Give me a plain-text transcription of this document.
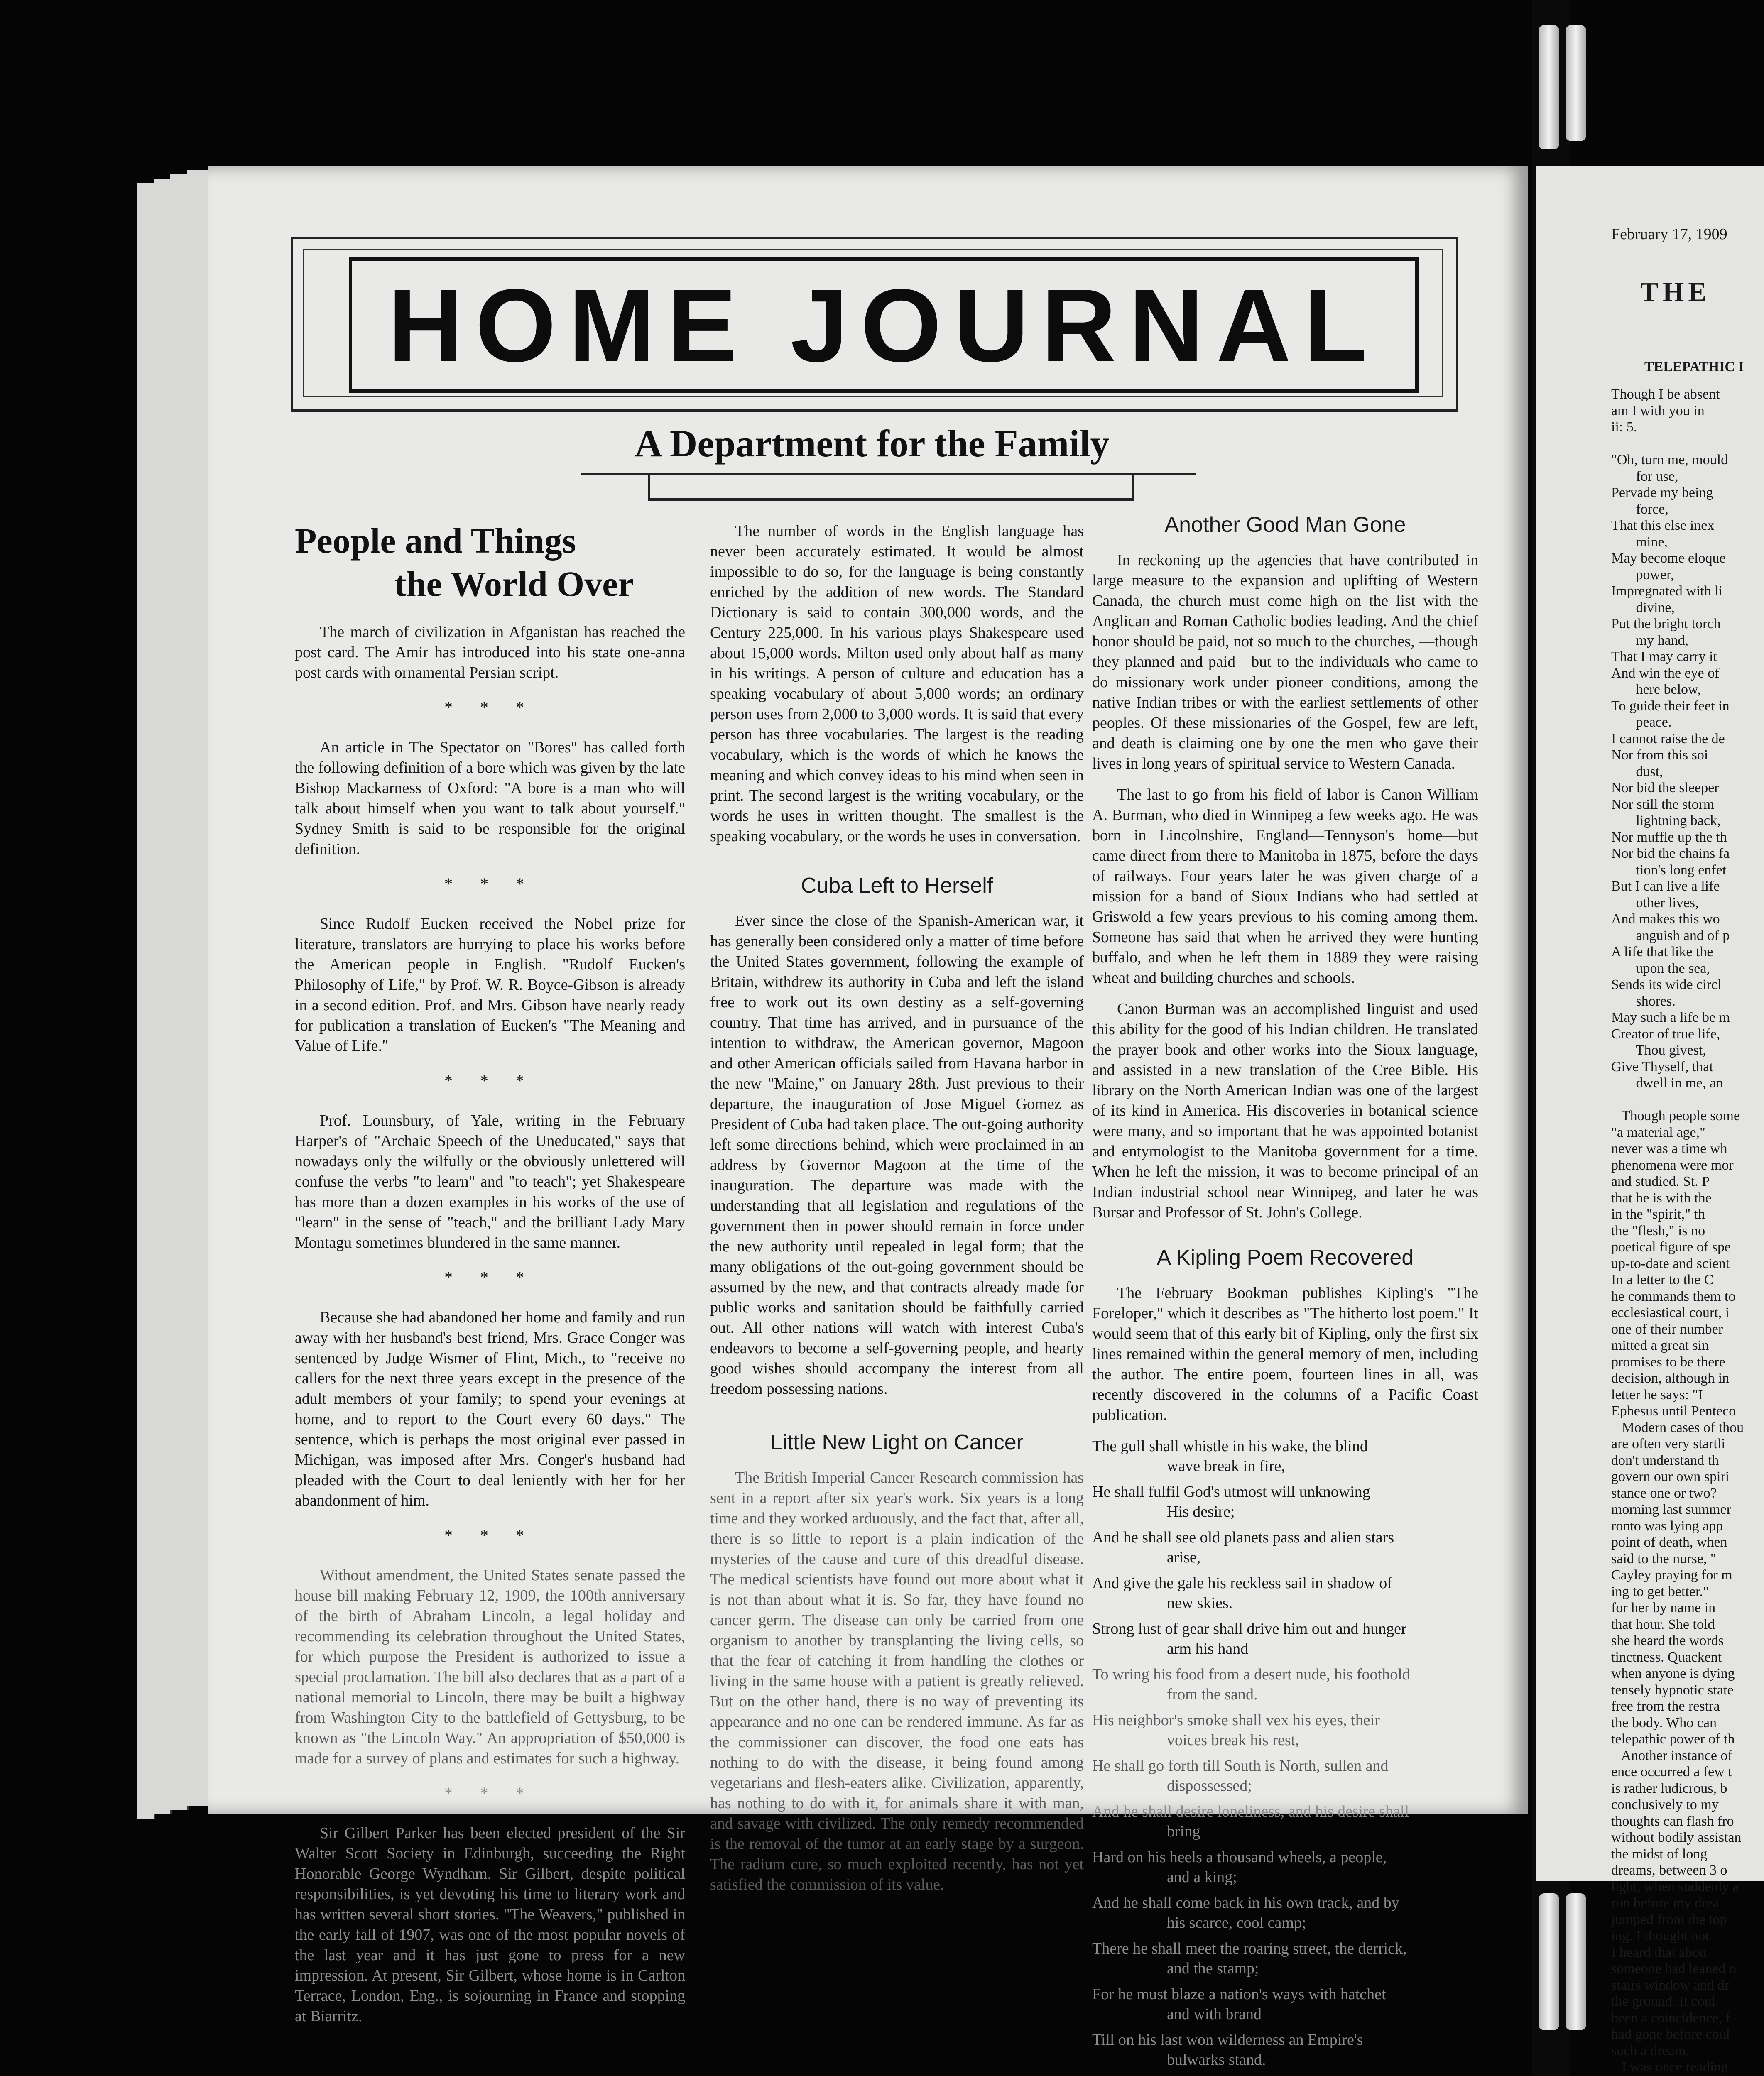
HOME JOURNAL
A Department for the Family
People and Things
the World Over

The march of civilization in Afganistan has reached the post card. The Amir has introduced into his state one-anna post cards with ornamental Persian script.

* * *

An article in The Spectator on "Bores" has called forth the following definition of a bore which was given by the late Bishop Mackarness of Oxford: "A bore is a man who will talk about himself when you want to talk about yourself." Sydney Smith is said to be responsible for the original definition.

* * *

Since Rudolf Eucken received the Nobel prize for literature, translators are hurrying to place his works before the American people in English. "Rudolf Eucken's Philosophy of Life," by Prof. W. R. Boyce-Gibson is already in a second edition. Prof. and Mrs. Gibson have nearly ready for publication a translation of Eucken's "The Meaning and Value of Life."

* * *

Prof. Lounsbury, of Yale, writing in the February Harper's of "Archaic Speech of the Uneducated," says that nowadays only the wilfully or the obviously unlettered will confuse the verbs "to learn" and "to teach"; yet Shakespeare has more than a dozen examples in his works of the use of "learn" in the sense of "teach," and the brilliant Lady Mary Montagu sometimes blundered in the same manner.

* * *

Because she had abandoned her home and family and run away with her husband's best friend, Mrs. Grace Conger was sentenced by Judge Wismer of Flint, Mich., to "receive no callers for the next three years except in the presence of the adult members of your family; to spend your evenings at home, and to report to the Court every 60 days." The sentence, which is perhaps the most original ever passed in Michigan, was imposed after Mrs. Conger's husband had pleaded with the Court to deal leniently with her for her abandonment of him.

* * *

Without amendment, the United States senate passed the house bill making February 12, 1909, the 100th anniversary of the birth of Abraham Lincoln, a legal holiday and recommending its celebration throughout the United States, for which purpose the President is authorized to issue a special proclamation. The bill also declares that as a part of a national memorial to Lincoln, there may be built a highway from Washington City to the battlefield of Gettysburg, to be known as "the Lincoln Way." An appropriation of $50,000 is made for a survey of plans and estimates for such a highway.

* * *

Sir Gilbert Parker has been elected president of the Sir Walter Scott Society in Edinburgh, succeeding the Right Honorable George Wyndham. Sir Gilbert, despite political responsibilities, is yet devoting his time to literary work and has written several short stories. "The Weavers," published in the early fall of 1907, was one of the most popular novels of the last year and it has just gone to press for a new impression. At present, Sir Gilbert, whose home is in Carlton Terrace, London, Eng., is sojourning in France and stopping at Biarritz.

The number of words in the English language has never been accurately estimated. It would be almost impossible to do so, for the language is being constantly enriched by the addition of new words. The Standard Dictionary is said to contain 300,000 words, and the Century 225,000. In his various plays Shakespeare used about 15,000 words. Milton used only about half as many in his writings. A person of culture and education has a speaking vocabulary of about 5,000 words; an ordinary person uses from 2,000 to 3,000 words. It is said that every person has three vocabularies. The largest is the reading vocabulary, which is the words of which he knows the meaning and which convey ideas to his mind when seen in print. The second largest is the writing vocabulary, or the words he uses in written thought. The smallest is the speaking vocabulary, or the words he uses in conversation.

Cuba Left to Herself

Ever since the close of the Spanish-American war, it has generally been considered only a matter of time before the United States government, following the example of Britain, withdrew its authority in Cuba and left the island free to work out its own destiny as a self-governing country. That time has arrived, and in pursuance of the intention to withdraw, the American governor, Magoon and other American officials sailed from Havana harbor in the new "Maine," on January 28th. Just previous to their departure, the inauguration of Jose Miguel Gomez as President of Cuba had taken place. The out-going authority left some directions behind, which were proclaimed in an address by Governor Magoon at the time of the inauguration. The departure was made with the understanding that all legislation and regulations of the government then in power should remain in force under the new authority until repealed in legal form; that the many obligations of the out-going government should be assumed by the new, and that contracts already made for public works and sanitation should be faithfully carried out. All other nations will watch with interest Cuba's endeavors to become a self-governing people, and hearty good wishes should accompany the interest from all freedom possessing nations.

Little New Light on Cancer

The British Imperial Cancer Research commission has sent in a report after six year's work. Six years is a long time and they worked arduously, and the fact that, after all, there is so little to report is a plain indication of the mysteries of the cause and cure of this dreadful disease. The medical scientists have found out more about what it is not than about what it is. So far, they have found no cancer germ. The disease can only be carried from one organism to another by transplanting the living cells, so that the fear of catching it from handling the clothes or living in the same house with a patient is greatly relieved. But on the other hand, there is no way of preventing its appearance and no one can be rendered immune. As far as the commissioner can discover, the food one eats has nothing to do with the disease, it being found among vegetarians and flesh-eaters alike. Civilization, apparently, has nothing to do with it, for animals share it with man, and savage with civilized. The only remedy recommended is the removal of the tumor at an early stage by a surgeon. The radium cure, so much exploited recently, has not yet satisfied the commission of its value.

Another Good Man Gone

In reckoning up the agencies that have contributed in large measure to the expansion and uplifting of Western Canada, the church must come high on the list with the Anglican and Roman Catholic bodies leading. And the chief honor should be paid, not so much to the churches, —though they planned and paid—but to the individuals who came to do missionary work under pioneer conditions, among the native Indian tribes or with the earliest settlements of other peoples. Of these missionaries of the Gospel, few are left, and death is claiming one by one the men who gave their lives in long years of spiritual service to Western Canada.

The last to go from his field of labor is Canon William A. Burman, who died in Winnipeg a few weeks ago. He was born in Lincolnshire, England—Tennyson's home—but came direct from there to Manitoba in 1875, before the days of railways. Four years later he was given charge of a mission for a band of Sioux Indians who had settled at Griswold a few years previous to his coming among them. Someone has said that when he arrived they were hunting buffalo, and when he left them in 1889 they were raising wheat and building churches and schools.

Canon Burman was an accomplished linguist and used this ability for the good of his Indian children. He translated the prayer book and other works into the Sioux language, and assisted in a new translation of the Cree Bible. His library on the North American Indian was one of the largest of its kind in America. His discoveries in botanical science were many, and so important that he was appointed botanist and entymologist to the Manitoba government for a time. When he left the mission, it was to become principal of an Indian industrial school near Winnipeg, and later he was Bursar and Professor of St. John's College.

A Kipling Poem Recovered

The February Bookman publishes Kipling's "The Foreloper," which it describes as "The hitherto lost poem." It would seem that of this early bit of Kipling, only the first six lines remained within the general memory of men, including the author. The entire poem, fourteen lines in all, was recently discovered in the columns of a Pacific Coast publication.

The gull shall whistle in his wake, the blind
wave break in fire,
He shall fulfil God's utmost will unknowing
His desire;
And he shall see old planets pass and alien stars
arise,
And give the gale his reckless sail in shadow of
new skies.
Strong lust of gear shall drive him out and hunger
arm his hand
To wring his food from a desert nude, his foothold
from the sand.
His neighbor's smoke shall vex his eyes, their
voices break his rest,
He shall go forth till South is North, sullen and
dispossessed;
And he shall desire loneliness, and his desire shall
bring
Hard on his heels a thousand wheels, a people,
and a king;
And he shall come back in his own track, and by
his scarce, cool camp;
There he shall meet the roaring street, the derrick,
and the stamp;
For he must blaze a nation's ways with hatchet
and with brand
Till on his last won wilderness an Empire's
bulwarks stand.
February 17, 1909
THE
TELEPATHIC I
Though I be absent
am I with you in
ii: 5.

"Oh, turn me, mould
for use,
Pervade my being
force,
That this else inex
mine,
May become eloque
power,
Impregnated with li
divine,
Put the bright torch
my hand,
That I may carry it
And win the eye of
here below,
To guide their feet in
peace.
I cannot raise the de
Nor from this soi
dust,
Nor bid the sleeper
Nor still the storm
lightning back,
Nor muffle up the th
Nor bid the chains fa
tion's long enfet
But I can live a life
other lives,
And makes this wo
anguish and of p
A life that like the
upon the sea,
Sends its wide circl
shores.
May such a life be m
Creator of true life,
Thou givest,
Give Thyself, that
dwell in me, an

Though people some
"a material age,"
never was a time wh
phenomena were mor
and studied. St. P
that he is with the
in the "spirit," th
the "flesh," is no
poetical figure of spe
up-to-date and scient
In a letter to the C
he commands them to
ecclesiastical court, i
one of their number
mitted a great sin
promises to be there
decision, although in
letter he says: "I
Ephesus until Penteco
Modern cases of thou
are often very startli
don't understand th
govern our own spiri
stance one or two?
morning last summer
ronto was lying app
point of death, when
said to the nurse, "
Cayley praying for m
ing to get better."
for her by name in
that hour. She told
she heard the words
tinctness. Quackent
when anyone is dying
tensely hypnotic state
free from the restra
the body. Who can
telepathic power of th
Another instance of
ence occurred a few t
is rather ludicrous, b
conclusively to my
thoughts can flash fro
without bodily assistan
the midst of long
dreams, between 3 o
light, when suddenly a
run before my drea
jumped from the top
ing. I thought not
I heard that abou
someone had leaned o
stairs window and dr
the ground. It coul
been a coincidence, f
had gone before coul
such a dream.
I was once reading
